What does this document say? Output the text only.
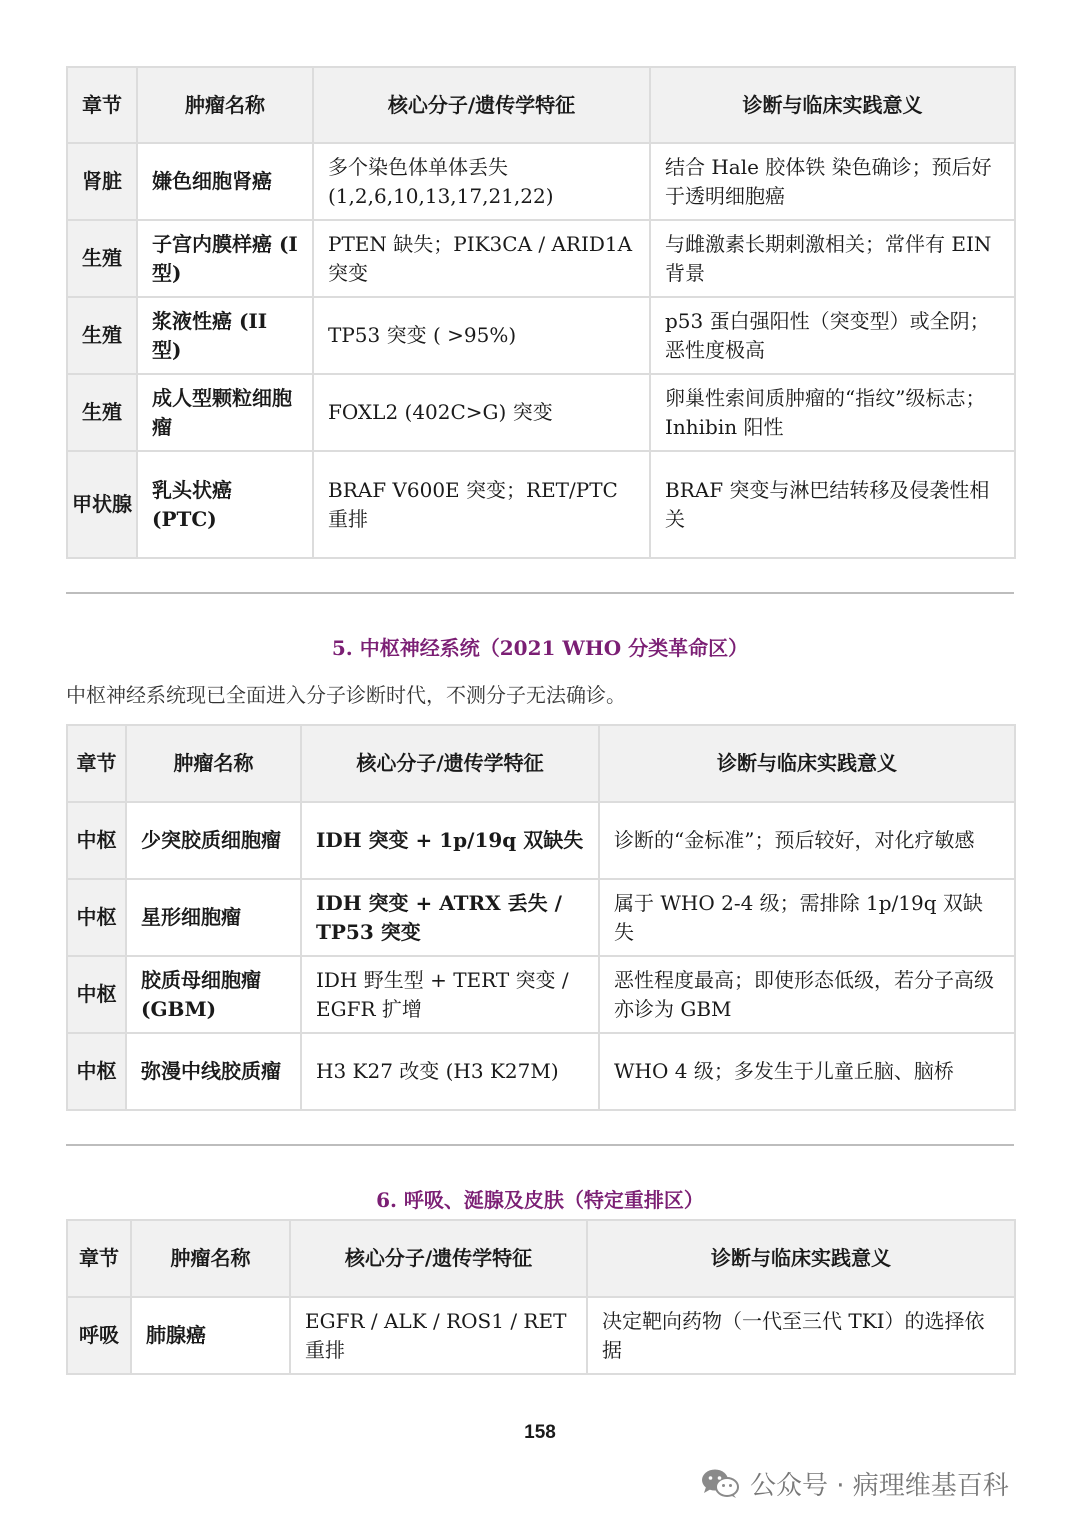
章节	肿瘤名称	核心分子/遗传学特征	诊断与临床实践意义
肾脏	嫌色细胞肾癌	多个染色体单体丢失 (1,2,6,10,13,17,21,22)	结合 Hale 胶体铁 染色确诊；预后好于透明细胞癌
生殖	子宫内膜样癌 (I 型)	PTEN 缺失；PIK3CA / ARID1A 突变	与雌激素长期刺激相关；常伴有 EIN 背景
生殖	浆液性癌 (II 型)	TP53 突变 ( >95%)	p53 蛋白强阳性（突变型）或全阴；恶性度极高
生殖	成人型颗粒细胞瘤	FOXL2 (402C>G) 突变	卵巢性索间质肿瘤的“指纹”级标志；Inhibin 阳性
甲状腺	乳头状癌 (PTC)	BRAF V600E 突变；RET/PTC 重排	BRAF 突变与淋巴结转移及侵袭性相关
5. 中枢神经系统（2021 WHO 分类革命区）
中枢神经系统现已全面进入分子诊断时代，不测分子无法确诊。
章节	肿瘤名称	核心分子/遗传学特征	诊断与临床实践意义
中枢	少突胶质细胞瘤	IDH 突变 + 1p/19q 双缺失	诊断的“金标准”；预后较好，对化疗敏感
中枢	星形细胞瘤	IDH 突变 + ATRX 丢失 / TP53 突变	属于 WHO 2-4 级；需排除 1p/19q 双缺失
中枢	胶质母细胞瘤 (GBM)	IDH 野生型 + TERT 突变 / EGFR 扩增	恶性程度最高；即使形态低级，若分子高级亦诊为 GBM
中枢	弥漫中线胶质瘤	H3 K27 改变 (H3 K27M)	WHO 4 级；多发生于儿童丘脑、脑桥
6. 呼吸、涎腺及皮肤（特定重排区）
章节	肿瘤名称	核心分子/遗传学特征	诊断与临床实践意义
呼吸	肺腺癌	EGFR / ALK / ROS1 / RET 重排	决定靶向药物（一代至三代 TKI）的选择依据
158
公众号 · 病理维基百科
